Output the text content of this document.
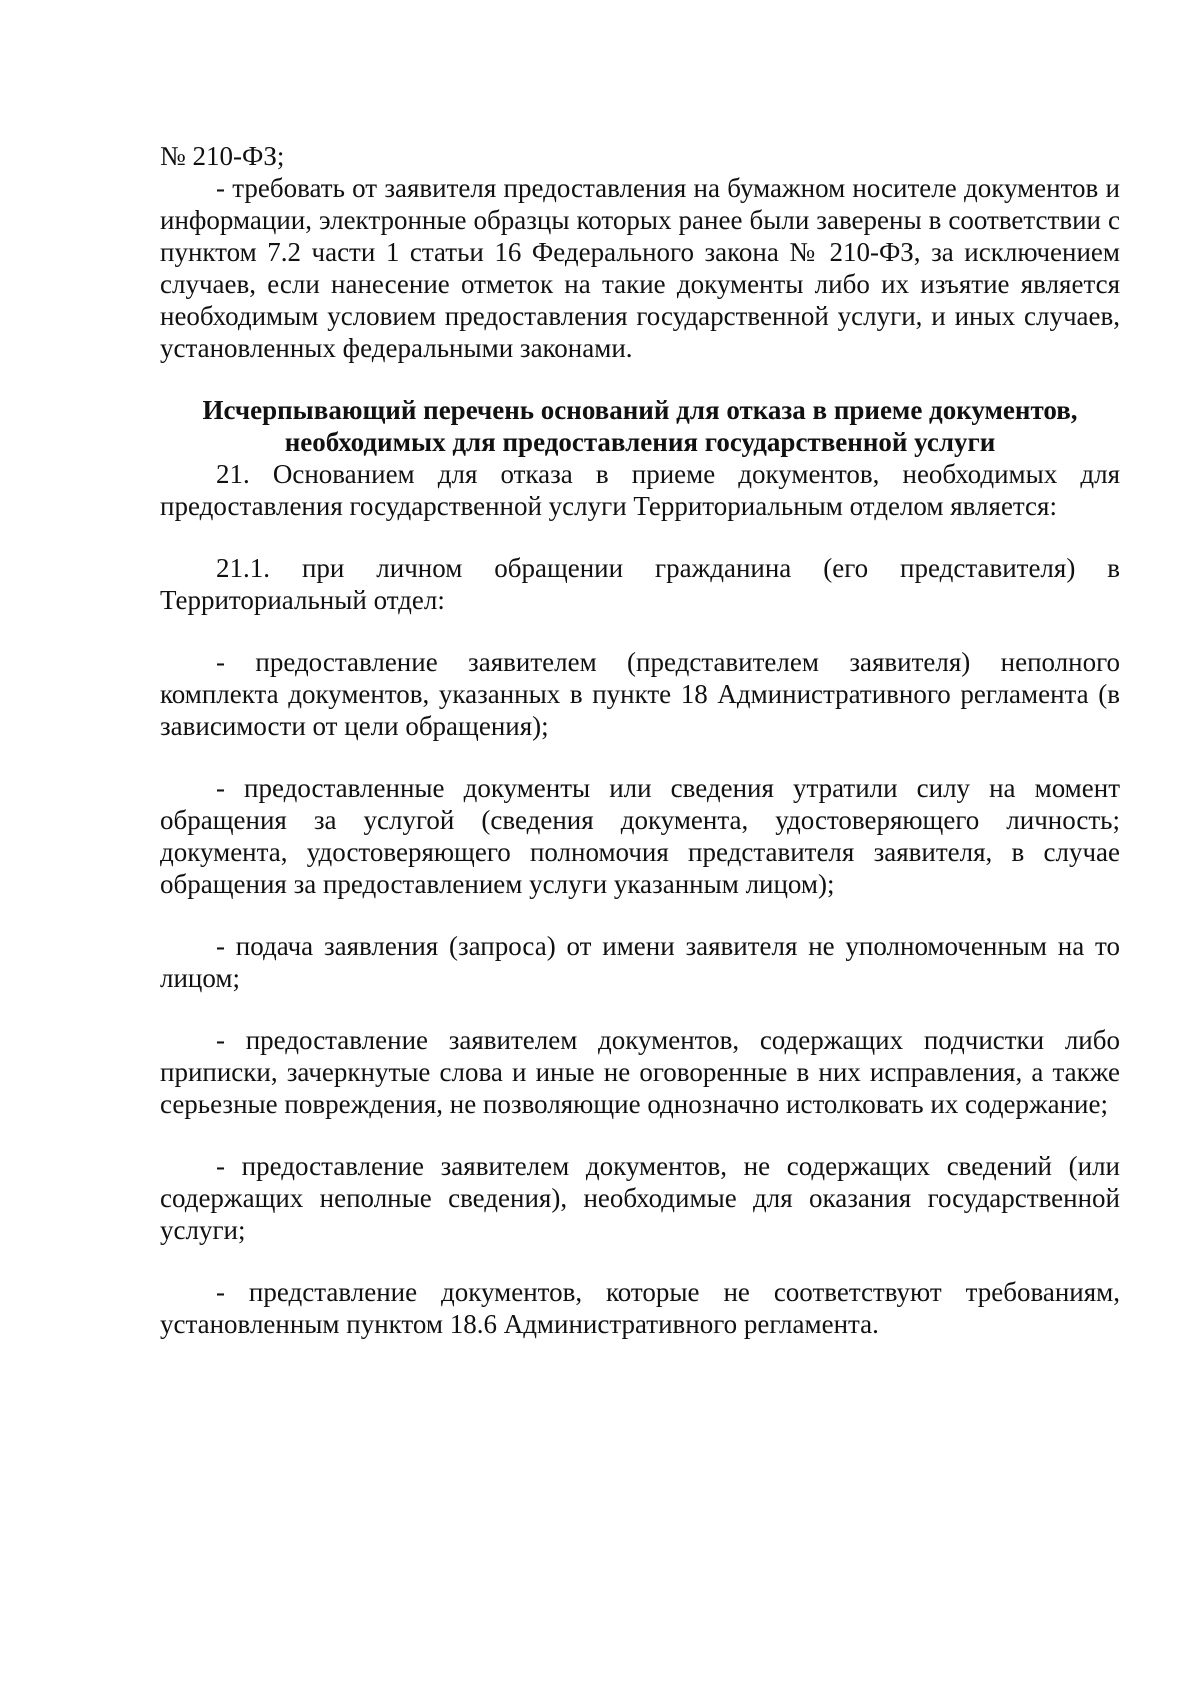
№ 210-ФЗ;

- требовать от заявителя предоставления на бумажном носителе документов и информации, электронные образцы которых ранее были заверены в соответствии с пунктом 7.2 части 1 статьи 16 Федерального закона № 210-ФЗ, за исключением случаев, если нанесение отметок на такие документы либо их изъятие является необходимым условием предоставления государственной услуги, и иных случаев, установленных федеральными законами.

Исчерпывающий перечень оснований для отказа в приеме документов,

необходимых для предоставления государственной услуги

21. Основанием для отказа в приеме документов, необходимых для предоставления государственной услуги Территориальным отделом является:

21.1. при личном обращении гражданина (его представителя) в Территориальный отдел:

- предоставление заявителем (представителем заявителя) неполного комплекта документов, указанных в пункте 18 Административного регламента (в зависимости от цели обращения);

- предоставленные документы или сведения утратили силу на момент обращения за услугой (сведения документа, удостоверяющего личность; документа, удостоверяющего полномочия представителя заявителя, в случае обращения за предоставлением услуги указанным лицом);

- подача заявления (запроса) от имени заявителя не уполномоченным на то лицом;

- предоставление заявителем документов, содержащих подчистки либо приписки, зачеркнутые слова и иные не оговоренные в них исправления, а также серьезные повреждения, не позволяющие однозначно истолковать их содержание;

- предоставление заявителем документов, не содержащих сведений (или содержащих неполные сведения), необходимые для оказания государственной услуги;

- представление документов, которые не соответствуют требованиям, установленным пунктом 18.6 Административного регламента.
